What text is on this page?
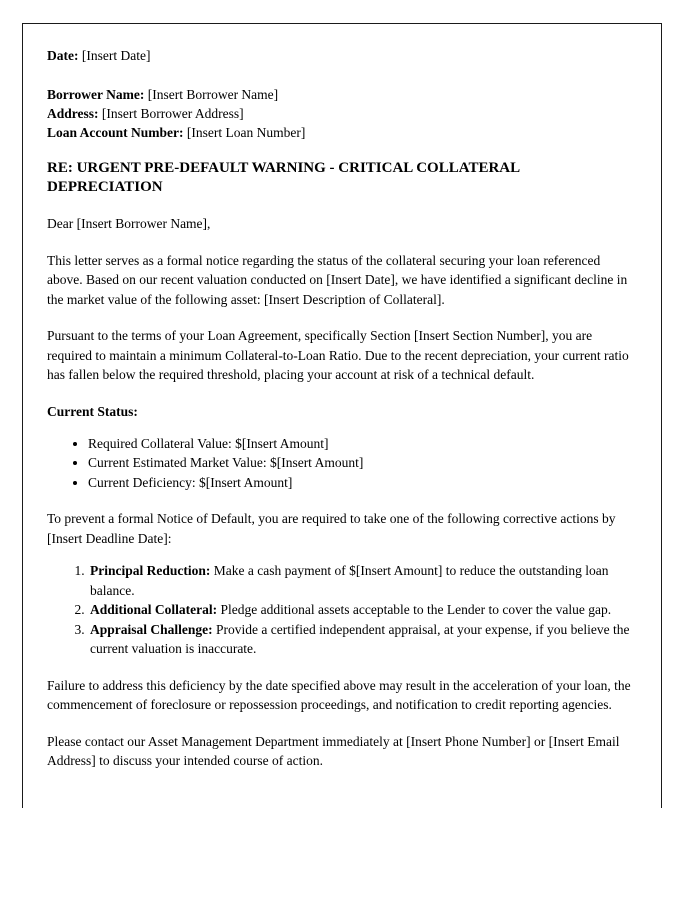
Date: [Insert Date]
Borrower Name: [Insert Borrower Name]
Address: [Insert Borrower Address]
Loan Account Number: [Insert Loan Number]

RE: URGENT PRE-DEFAULT WARNING - CRITICAL COLLATERAL DEPRECIATION

Dear [Insert Borrower Name],

This letter serves as a formal notice regarding the status of the collateral securing your loan referenced above. Based on our recent valuation conducted on [Insert Date], we have identified a significant decline in the market value of the following asset: [Insert Description of Collateral].

Pursuant to the terms of your Loan Agreement, specifically Section [Insert Section Number], you are required to maintain a minimum Collateral-to-Loan Ratio. Due to the recent depreciation, your current ratio has fallen below the required threshold, placing your account at risk of a technical default.

Current Status:

• Required Collateral Value: $[Insert Amount]
• Current Estimated Market Value: $[Insert Amount]
• Current Deficiency: $[Insert Amount]

To prevent a formal Notice of Default, you are required to take one of the following corrective actions by [Insert Deadline Date]:

1. Principal Reduction: Make a cash payment of $[Insert Amount] to reduce the outstanding loan balance.
2. Additional Collateral: Pledge additional assets acceptable to the Lender to cover the value gap.
3. Appraisal Challenge: Provide a certified independent appraisal, at your expense, if you believe the current valuation is inaccurate.

Failure to address this deficiency by the date specified above may result in the acceleration of your loan, the commencement of foreclosure or repossession proceedings, and notification to credit reporting agencies.

Please contact our Asset Management Department immediately at [Insert Phone Number] or [Insert Email Address] to discuss your intended course of action.
